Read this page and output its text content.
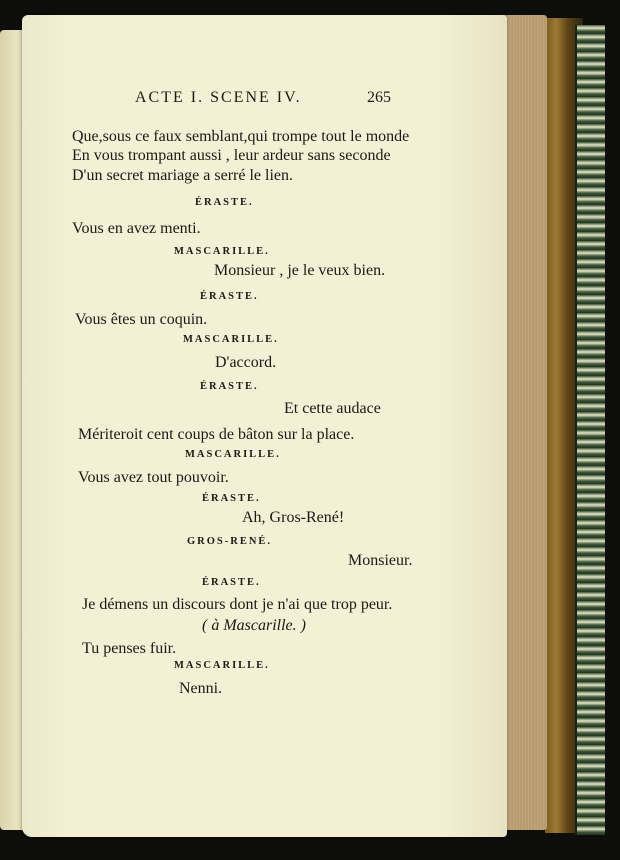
ACTE I. SCENE IV.	265
Que,sous ce faux semblant,qui trompe tout le monde
En vous trompant aussi , leur ardeur sans seconde
D'un secret mariage a serré le lien.
ÉRASTE.
Vous en avez menti.
MASCARILLE.
Monsieur , je le veux bien.
ÉRASTE.
Vous êtes un coquin.
MASCARILLE.
D'accord.
ÉRASTE.
Et cette audace
Mériteroit cent coups de bâton sur la place.
MASCARILLE.
Vous avez tout pouvoir.
ÉRASTE.
Ah, Gros-René!
GROS-RENÉ.
Monsieur.
ÉRASTE.
Je démens un discours dont je n'ai que trop peur.
( à Mascarille. )
Tu penses fuir.
MASCARILLE.
Nenni.
